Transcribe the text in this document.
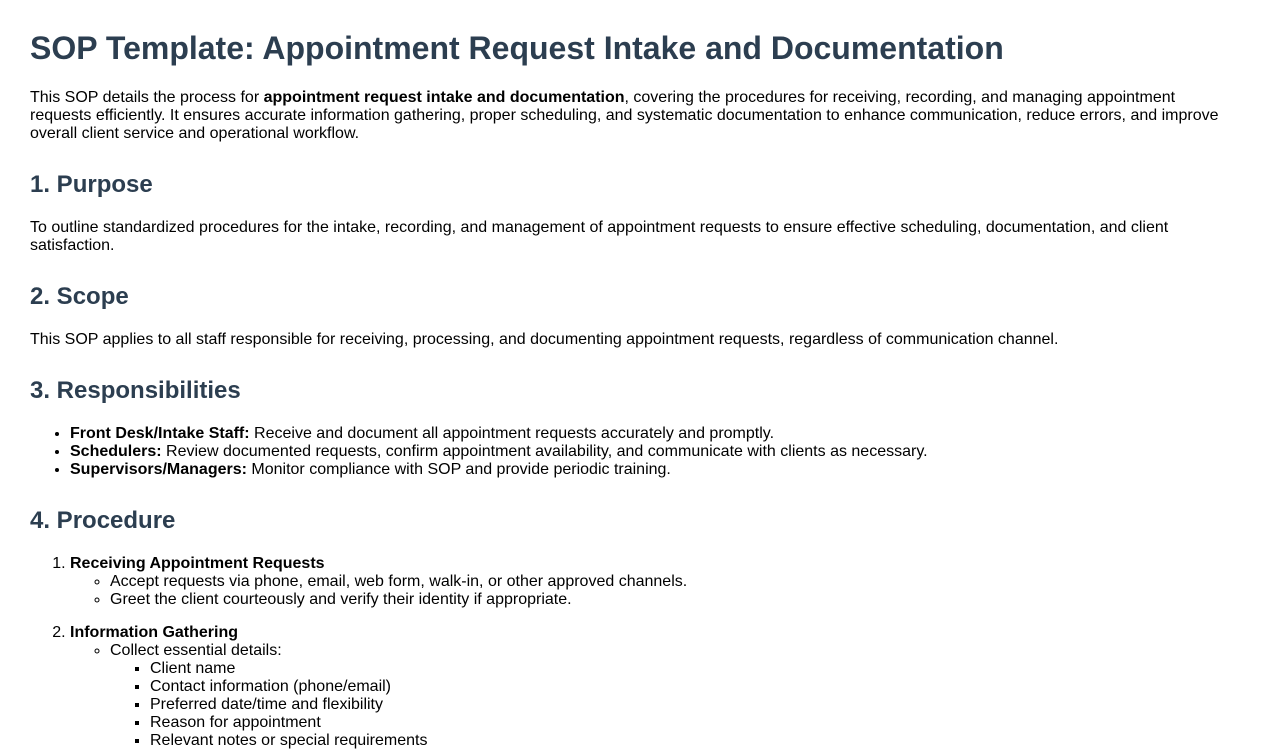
SOP Template: Appointment Request Intake and Documentation

This SOP details the process for appointment request intake and documentation, covering the procedures for receiving, recording, and managing appointment requests efficiently. It ensures accurate information gathering, proper scheduling, and systematic documentation to enhance communication, reduce errors, and improve overall client service and operational workflow.

1. Purpose

To outline standardized procedures for the intake, recording, and management of appointment requests to ensure effective scheduling, documentation, and client satisfaction.

2. Scope

This SOP applies to all staff responsible for receiving, processing, and documenting appointment requests, regardless of communication channel.

3. Responsibilities
• Front Desk/Intake Staff: Receive and document all appointment requests accurately and promptly.
• Schedulers: Review documented requests, confirm appointment availability, and communicate with clients as necessary.
• Supervisors/Managers: Monitor compliance with SOP and provide periodic training.
4. Procedure
1. Receiving Appointment Requests
◦ Accept requests via phone, email, web form, walk-in, or other approved channels.
◦ Greet the client courteously and verify their identity if appropriate.
2. Information Gathering
◦ Collect essential details:
▪ Client name
▪ Contact information (phone/email)
▪ Preferred date/time and flexibility
▪ Reason for appointment
▪ Relevant notes or special requirements
